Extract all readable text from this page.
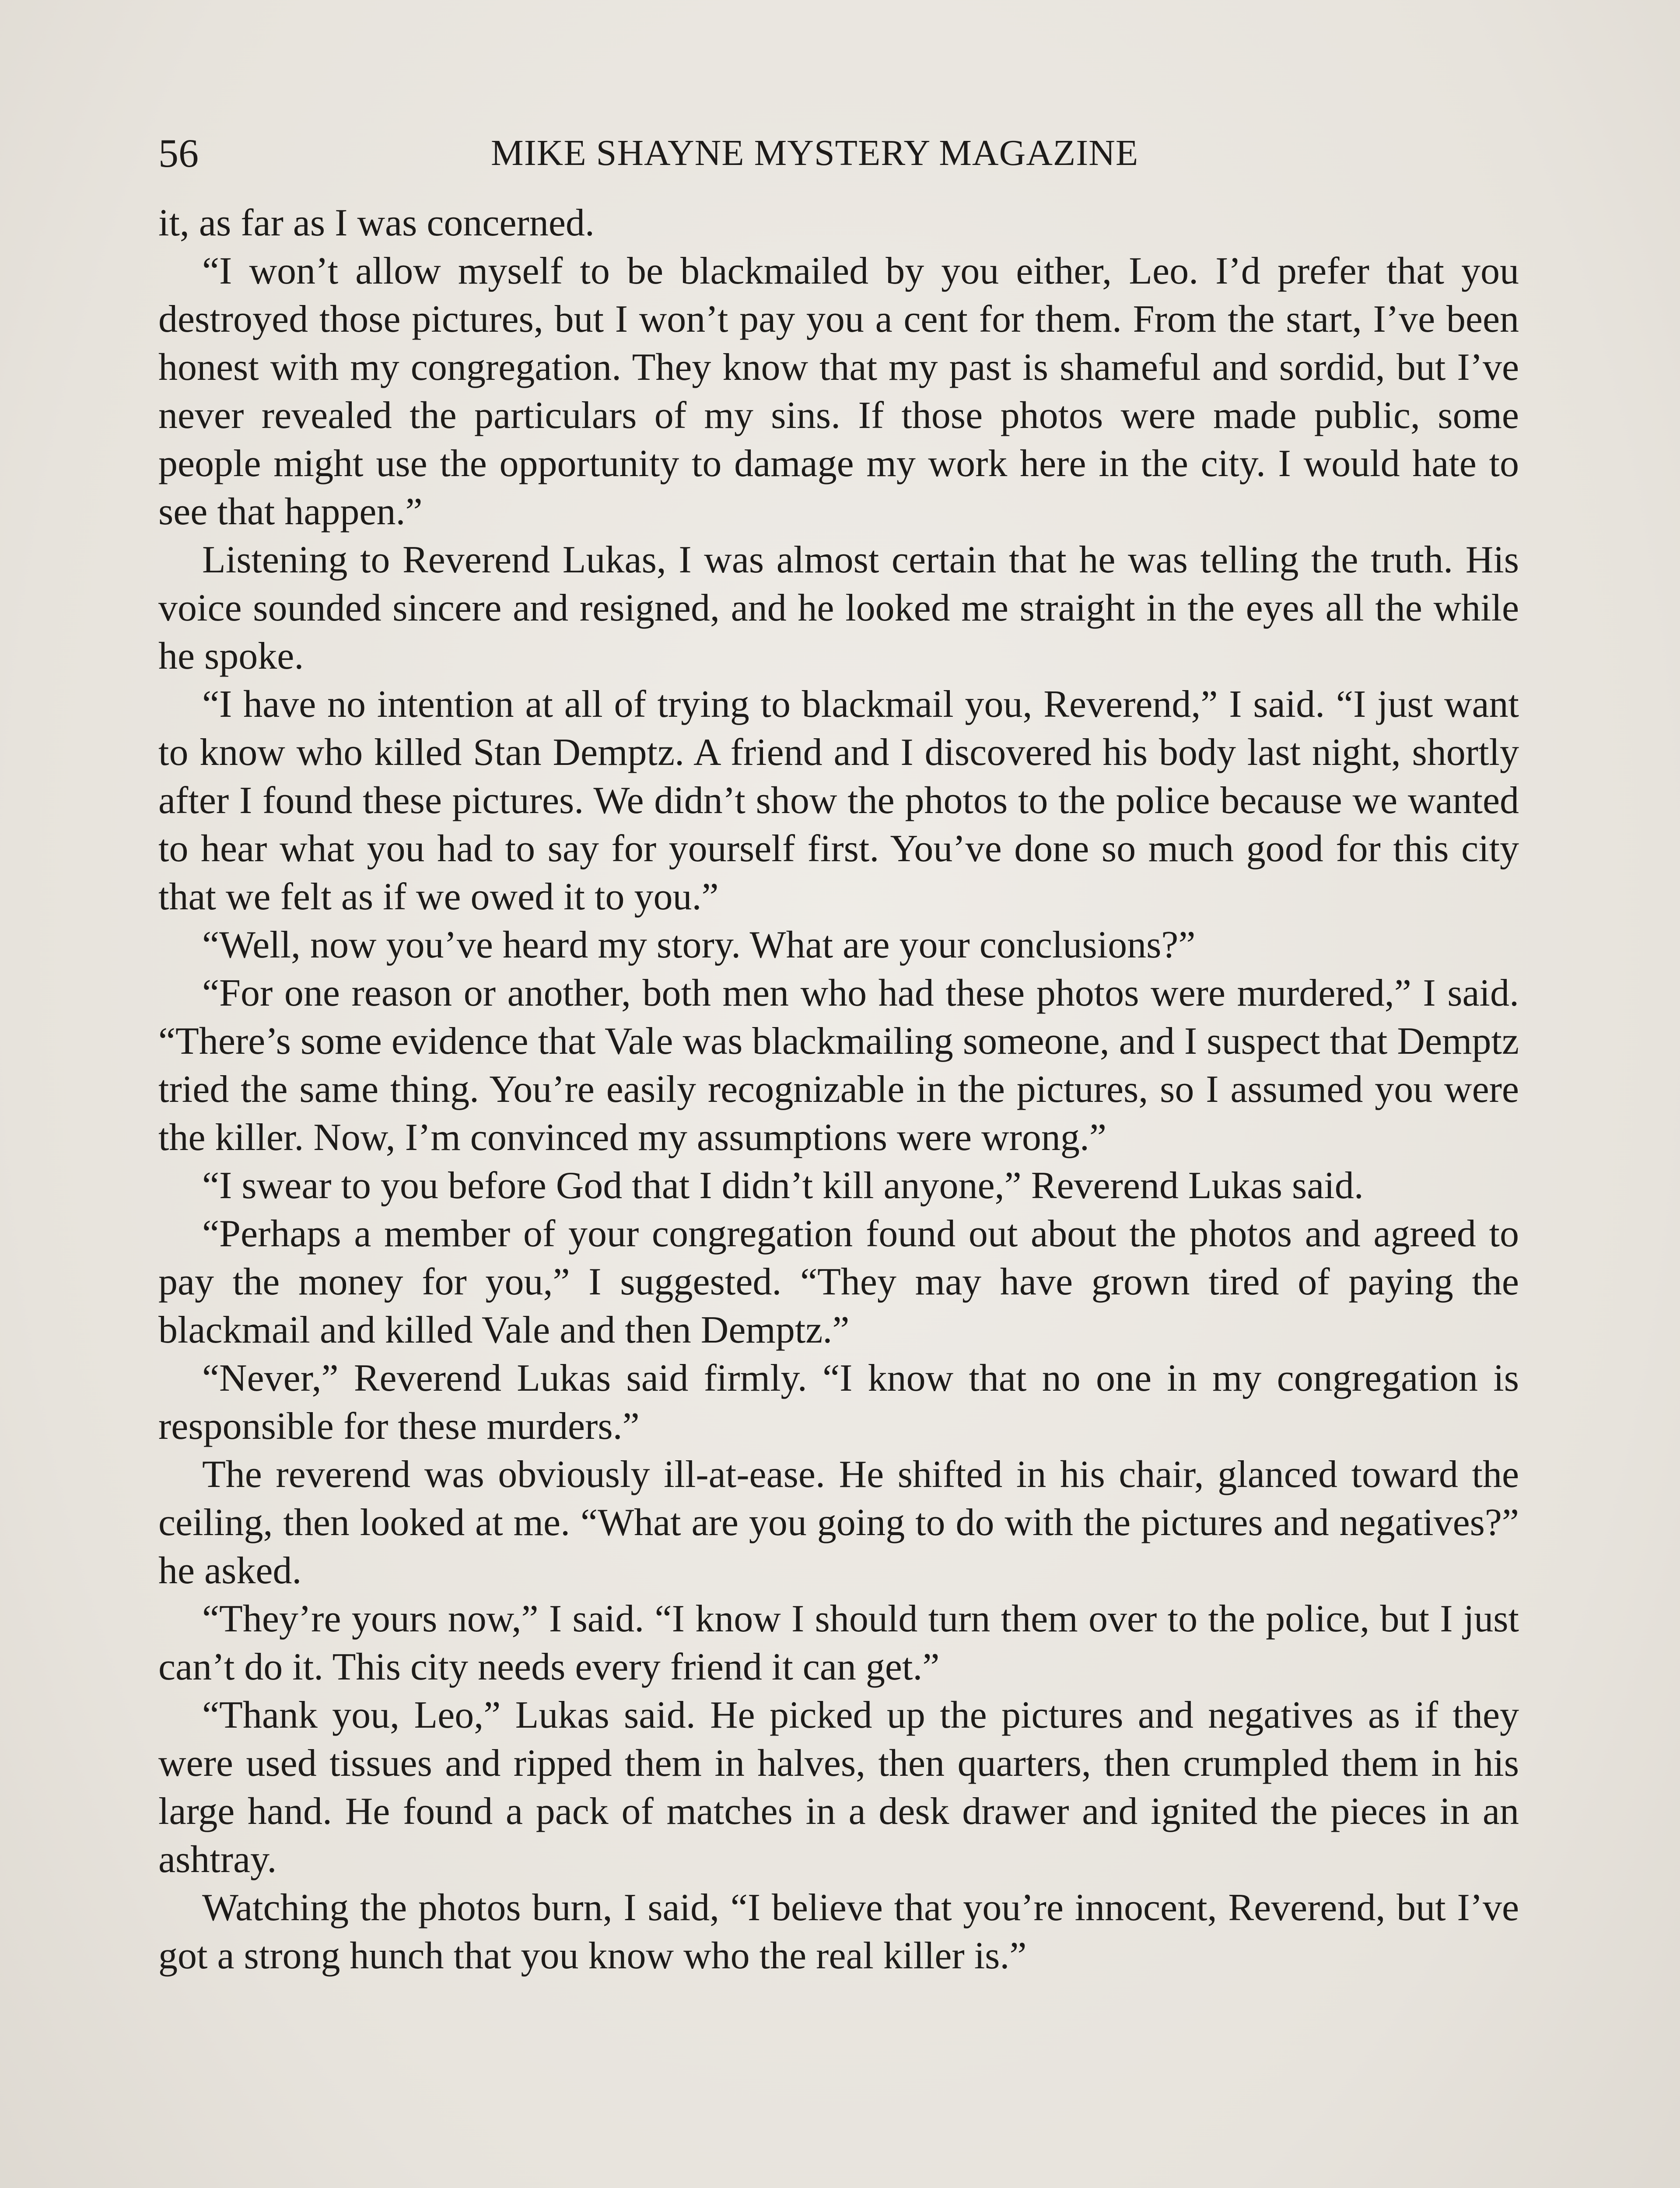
56	MIKE SHAYNE MYSTERY MAGAZINE

it, as far as I was concerned.

“I won’t allow myself to be blackmailed by you either, Leo. I’d prefer that you destroyed those pictures, but I won’t pay you a cent for them. From the start, I’ve been honest with my congregation. They know that my past is shameful and sordid, but I’ve never revealed the particulars of my sins. If those photos were made public, some people might use the opportunity to damage my work here in the city. I would hate to see that happen.”

Listening to Reverend Lukas, I was almost certain that he was telling the truth. His voice sounded sincere and resigned, and he looked me straight in the eyes all the while he spoke.

“I have no intention at all of trying to blackmail you, Reverend,” I said. “I just want to know who killed Stan Demptz. A friend and I discovered his body last night, shortly after I found these pictures. We didn’t show the photos to the police because we wanted to hear what you had to say for yourself first. You’ve done so much good for this city that we felt as if we owed it to you.”

“Well, now you’ve heard my story. What are your conclusions?”

“For one reason or another, both men who had these photos were murdered,” I said. “There’s some evidence that Vale was blackmailing someone, and I suspect that Demptz tried the same thing. You’re easily recognizable in the pictures, so I assumed you were the killer. Now, I’m convinced my assumptions were wrong.”

“I swear to you before God that I didn’t kill anyone,” Reverend Lukas said.

“Perhaps a member of your congregation found out about the photos and agreed to pay the money for you,” I suggested. “They may have grown tired of paying the blackmail and killed Vale and then Demptz.”

“Never,” Reverend Lukas said firmly. “I know that no one in my congregation is responsible for these murders.”

The reverend was obviously ill-at-ease. He shifted in his chair, glanced toward the ceiling, then looked at me. “What are you going to do with the pictures and negatives?” he asked.

“They’re yours now,” I said. “I know I should turn them over to the police, but I just can’t do it. This city needs every friend it can get.”

“Thank you, Leo,” Lukas said. He picked up the pictures and negatives as if they were used tissues and ripped them in halves, then quarters, then crumpled them in his large hand. He found a pack of matches in a desk drawer and ignited the pieces in an ashtray.

Watching the photos burn, I said, “I believe that you’re innocent, Reverend, but I’ve got a strong hunch that you know who the real killer is.”
